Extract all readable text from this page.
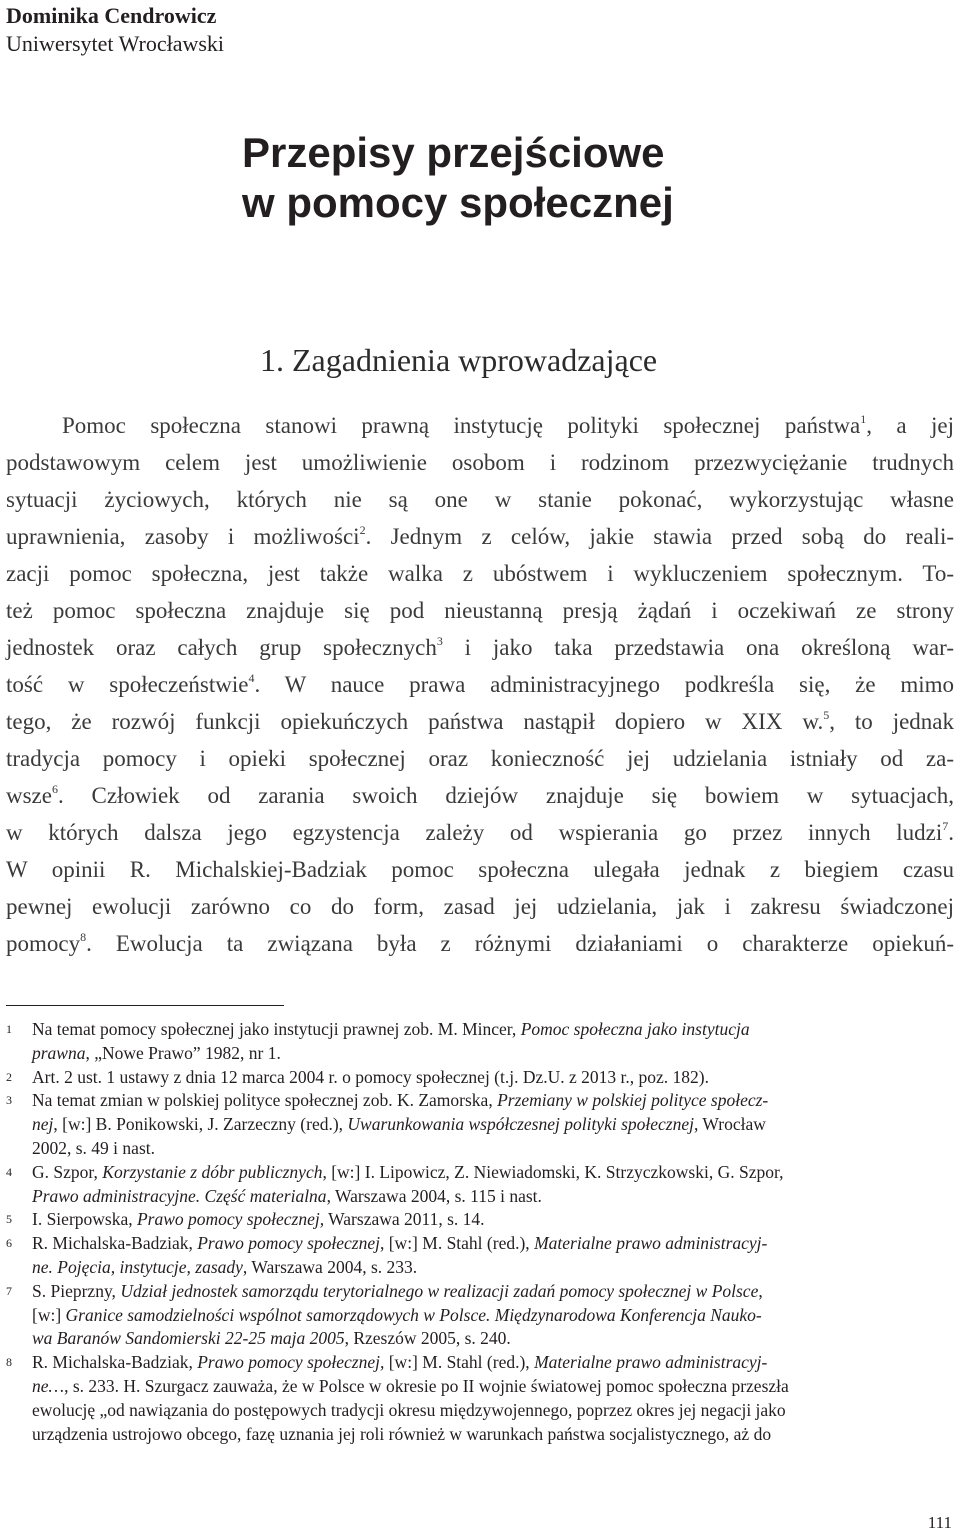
Dominika Cendrowicz
Uniwersytet Wrocławski
Przepisy przejściowe
w pomocy społecznej
1. Zagadnienia wprowadzające
Pomoc społeczna stanowi prawną instytucję polityki społecznej państwa$^1$, a jej
podstawowym celem jest umożliwienie osobom i rodzinom przezwyciężanie trudnych
sytuacji życiowych, których nie są one w stanie pokonać, wykorzystując własne
uprawnienia, zasoby i możliwości$^2$. Jednym z celów, jakie stawia przed sobą do reali-
zacji pomoc społeczna, jest także walka z ubóstwem i wykluczeniem społecznym. To-
też pomoc społeczna znajduje się pod nieustanną presją żądań i oczekiwań ze strony
jednostek oraz całych grup społecznych$^3$ i jako taka przedstawia ona określoną war-
tość w społeczeństwie$^4$. W nauce prawa administracyjnego podkreśla się, że mimo
tego, że rozwój funkcji opiekuńczych państwa nastąpił dopiero w XIX w.$^5$, to jednak
tradycja pomocy i opieki społecznej oraz konieczność jej udzielania istniały od za-
wsze$^6$. Człowiek od zarania swoich dziejów znajduje się bowiem w sytuacjach,
w których dalsza jego egzystencja zależy od wspierania go przez innych ludzi$^7$.
W opinii R. Michalskiej-Badziak pomoc społeczna ulegała jednak z biegiem czasu
pewnej ewolucji zarówno co do form, zasad jej udzielania, jak i zakresu świadczonej
pomocy$^8$. Ewolucja ta związana była z różnymi działaniami o charakterze opiekuń-
1 Na temat pomocy społecznej jako instytucji prawnej zob. M. Mincer, Pomoc społeczna jako instytucja
prawna, „Nowe Prawo” 1982, nr 1.
2 Art. 2 ust. 1 ustawy z dnia 12 marca 2004 r. o pomocy społecznej (t.j. Dz.U. z 2013 r., poz. 182).
3 Na temat zmian w polskiej polityce społecznej zob. K. Zamorska, Przemiany w polskiej polityce społecz-
nej, [w:] B. Ponikowski, J. Zarzeczny (red.), Uwarunkowania współczesnej polityki społecznej, Wrocław
2002, s. 49 i nast.
4 G. Szpor, Korzystanie z dóbr publicznych, [w:] I. Lipowicz, Z. Niewiadomski, K. Strzyczkowski, G. Szpor,
Prawo administracyjne. Część materialna, Warszawa 2004, s. 115 i nast.
5 I. Sierpowska, Prawo pomocy społecznej, Warszawa 2011, s. 14.
6 R. Michalska-Badziak, Prawo pomocy społecznej, [w:] M. Stahl (red.), Materialne prawo administracyj-
ne. Pojęcia, instytucje, zasady, Warszawa 2004, s. 233.
7 S. Pieprzny, Udział jednostek samorządu terytorialnego w realizacji zadań pomocy społecznej w Polsce,
[w:] Granice samodzielności wspólnot samorządowych w Polsce. Międzynarodowa Konferencja Nauko-
wa Baranów Sandomierski 22-25 maja 2005, Rzeszów 2005, s. 240.
8 R. Michalska-Badziak, Prawo pomocy społecznej, [w:] M. Stahl (red.), Materialne prawo administracyj-
ne…, s. 233. H. Szurgacz zauważa, że w Polsce w okresie po II wojnie światowej pomoc społeczna przeszła
ewolucję „od nawiązania do postępowych tradycji okresu międzywojennego, poprzez okres jej negacji jako
urządzenia ustrojowo obcego, fazę uznania jej roli również w warunkach państwa socjalistycznego, aż do
111
